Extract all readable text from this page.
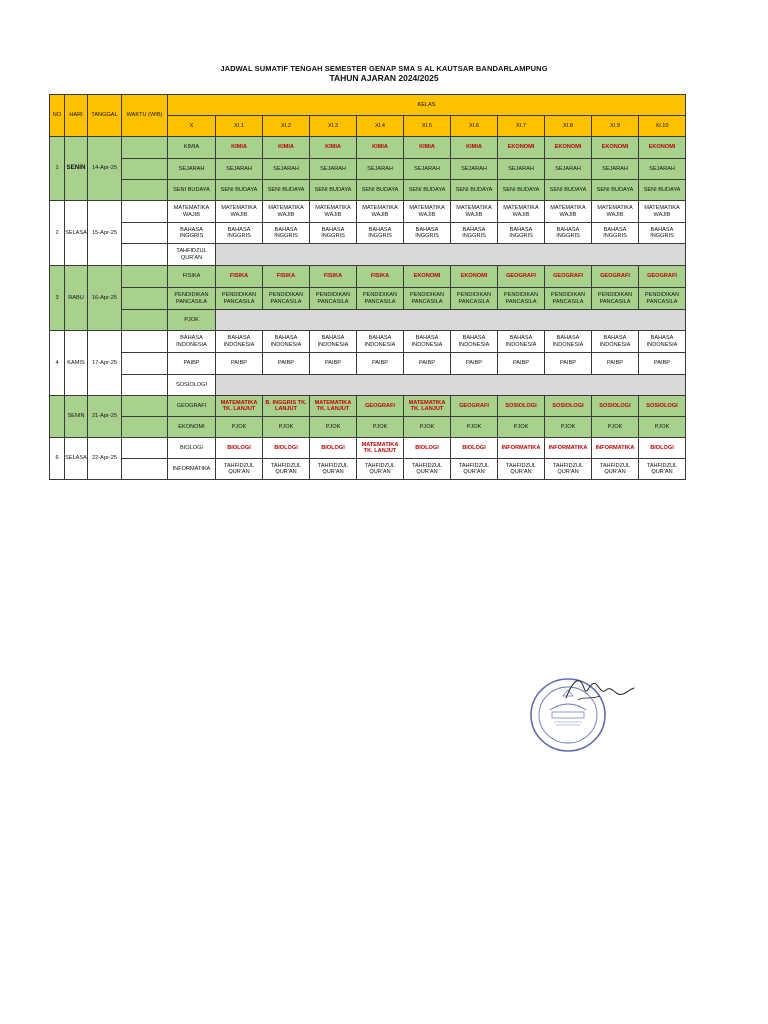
JADWAL SUMATIF TENGAH SEMESTER GENAP SMA S AL KAUTSAR BANDARLAMPUNG
TAHUN AJARAN 2024/2025
NO	HARI	TANGGAL	WAKTU (WIB)	KELAS										
				X	XI.1	XI.2	XI.3	XI.4	XI.5	XI.6	XI.7	XI.8	XI.9	XI.10
1	SENIN	14-Apr-25		KIMIA	KIMIA	KIMIA	KIMIA	KIMIA	KIMIA	KIMIA	EKONOMI	EKONOMI	EKONOMI	EKONOMI
				SEJARAH	SEJARAH	SEJARAH	SEJARAH	SEJARAH	SEJARAH	SEJARAH	SEJARAH	SEJARAH	SEJARAH	SEJARAH
				SENI BUDAYA	SENI BUDAYA	SENI BUDAYA	SENI BUDAYA	SENI BUDAYA	SENI BUDAYA	SENI BUDAYA	SENI BUDAYA	SENI BUDAYA	SENI BUDAYA	SENI BUDAYA
2	SELASA	15-Apr-25		MATEMATIKA WAJIB	MATEMATIKA WAJIB	MATEMATIKA WAJIB	MATEMATIKA WAJIB	MATEMATIKA WAJIB	MATEMATIKA WAJIB	MATEMATIKA WAJIB	MATEMATIKA WAJIB	MATEMATIKA WAJIB	MATEMATIKA WAJIB	MATEMATIKA WAJIB
				BAHASA INGGRIS	BAHASA INGGRIS	BAHASA INGGRIS	BAHASA INGGRIS	BAHASA INGGRIS	BAHASA INGGRIS	BAHASA INGGRIS	BAHASA INGGRIS	BAHASA INGGRIS	BAHASA INGGRIS	BAHASA INGGRIS
				TAHFIDZUL QUR'AN										
3	RABU	16-Apr-25		FISIKA	FISIKA	FISIKA	FISIKA	FISIKA	EKONOMI	EKONOMI	GEOGRAFI	GEOGRAFI	GEOGRAFI	GEOGRAFI
				PENDIDIKAN PANCASILA	PENDIDIKAN PANCASILA	PENDIDIKAN PANCASILA	PENDIDIKAN PANCASILA	PENDIDIKAN PANCASILA	PENDIDIKAN PANCASILA	PENDIDIKAN PANCASILA	PENDIDIKAN PANCASILA	PENDIDIKAN PANCASILA	PENDIDIKAN PANCASILA	PENDIDIKAN PANCASILA
				PJOK										
4	KAMIS	17-Apr-25		BAHASA INDONESIA	BAHASA INDONESIA	BAHASA INDONESIA	BAHASA INDONESIA	BAHASA INDONESIA	BAHASA INDONESIA	BAHASA INDONESIA	BAHASA INDONESIA	BAHASA INDONESIA	BAHASA INDONESIA	BAHASA INDONESIA
				PAIBP	PAIBP	PAIBP	PAIBP	PAIBP	PAIBP	PAIBP	PAIBP	PAIBP	PAIBP	PAIBP
				SOSIOLOGI										
	SENIN	21-Apr-25		GEOGRAFI	MATEMATIKA TK. LANJUT	B. INGGRIS TK. LANJUT	MATEMATIKA TK. LANJUT	GEOGRAFI	MATEMATIKA TK. LANJUT	GEOGRAFI	SOSIOLOGI	SOSIOLOGI	SOSIOLOGI	SOSIOLOGI
				EKONOMI	PJOK	PJOK	PJOK	PJOK	PJOK	PJOK	PJOK	PJOK	PJOK	PJOK
6	SELASA	22-Apr-25		BIOLOGI	BIOLOGI	BIOLOGI	BIOLOGI	MATEMATIKA TK. LANJUT	BIOLOGI	BIOLOGI	INFORMATIKA	INFORMATIKA	INFORMATIKA	BIOLOGI
				INFORMATIKA	TAHFIDZUL QUR'AN	TAHFIDZUL QUR'AN	TAHFIDZUL QUR'AN	TAHFIDZUL QUR'AN	TAHFIDZUL QUR'AN	TAHFIDZUL QUR'AN	TAHFIDZUL QUR'AN	TAHFIDZUL QUR'AN	TAHFIDZUL QUR'AN	TAHFIDZUL QUR'AN
